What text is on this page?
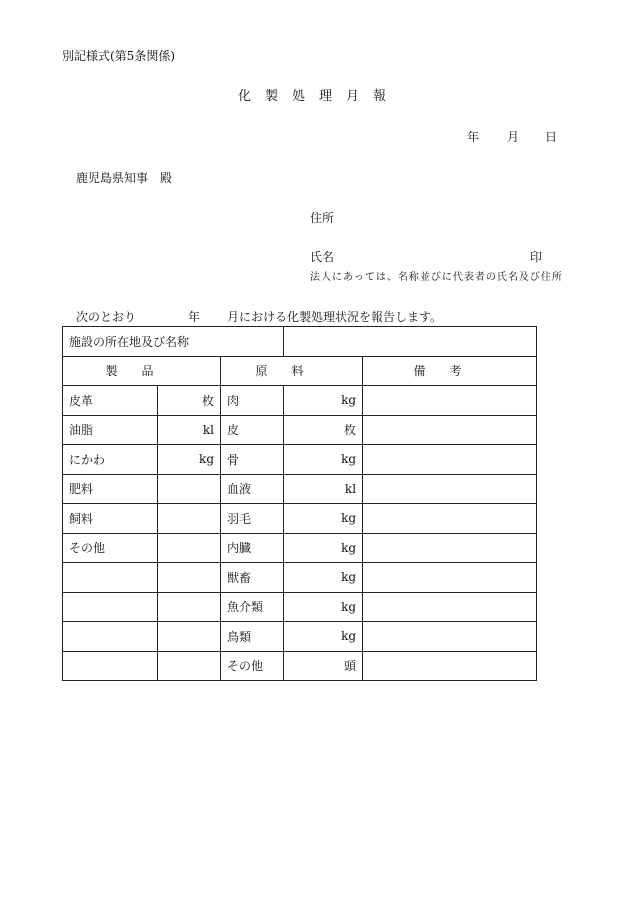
別記様式(第5条関係)
化製処理月報
年 月 日
鹿児島県知事　殿
住所
氏名	印
法人にあっては、名称並びに代表者の氏名及び住所
次のとおり	年 月における化製処理状況を報告します。
施設の所在地及び名称				
製品		原料		備考
皮革	枚	肉	kg	
油脂	kl	皮	枚	
にかわ	kg	骨	kg	
肥料		血液	kl	
飼料		羽毛	kg	
その他		内臓	kg	
		獣畜	kg	
		魚介類	kg	
		鳥類	kg	
		その他	頭	
